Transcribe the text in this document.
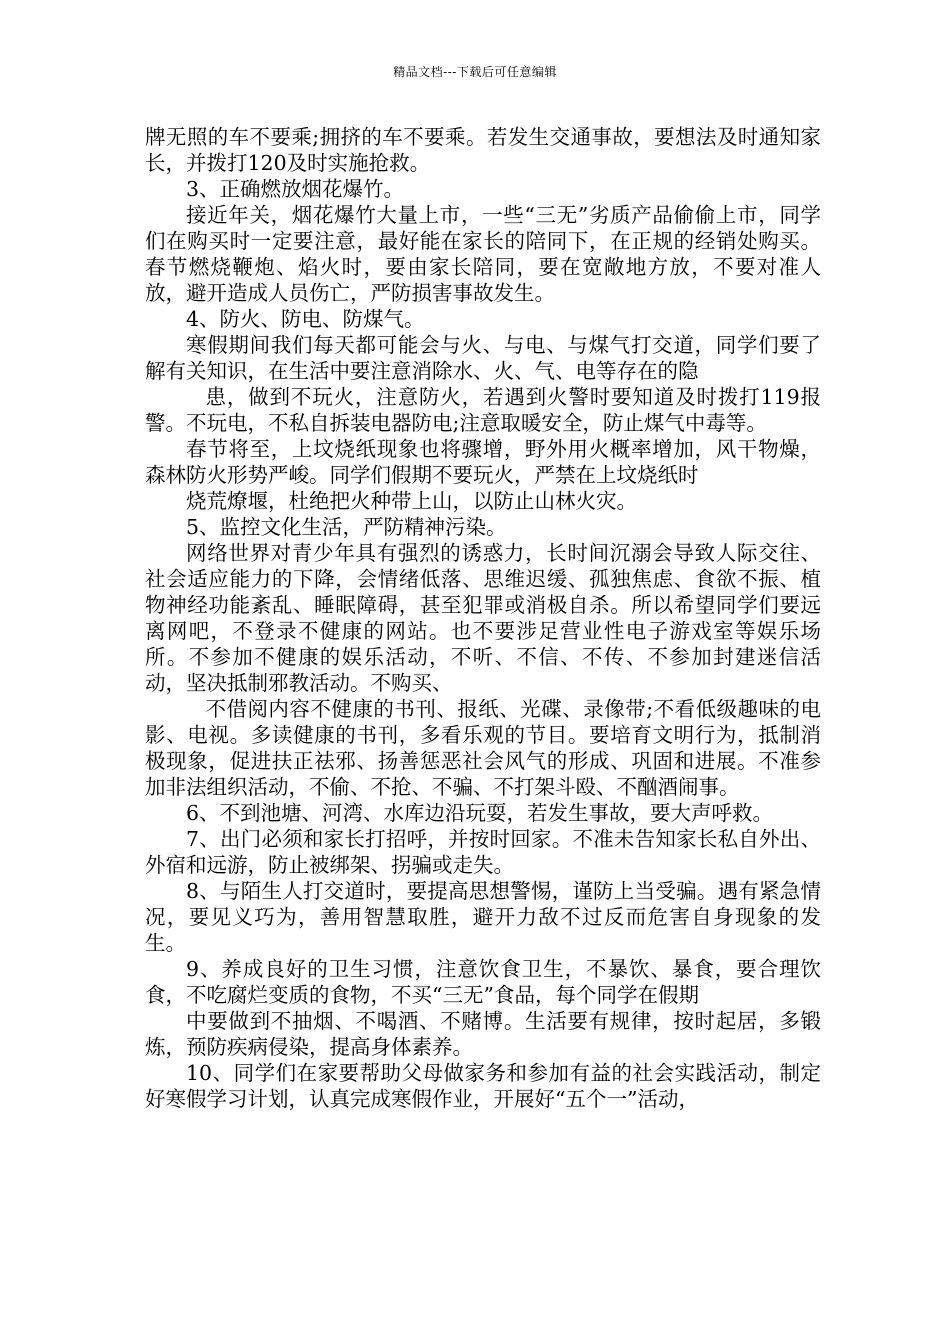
精品文档---下载后可任意编辑

牌无照的车不要乘;拥挤的车不要乘。若发生交通事故，要想法及时通知家长，并拨打120及时实施抢救。

3、正确燃放烟花爆竹。

接近年关，烟花爆竹大量上市，一些“三无”劣质产品偷偷上市，同学们在购买时一定要注意，最好能在家长的陪同下，在正规的经销处购买。春节燃烧鞭炮、焰火时，要由家长陪同，要在宽敞地方放，不要对准人放，避开造成人员伤亡，严防损害事故发生。

4、防火、防电、防煤气。

寒假期间我们每天都可能会与火、与电、与煤气打交道，同学们要了解有关知识，在生活中要注意消除水、火、气、电等存在的隐

患，做到不玩火，注意防火，若遇到火警时要知道及时拨打119报警。不玩电，不私自拆装电器防电;注意取暖安全，防止煤气中毒等。

春节将至，上坟烧纸现象也将骤增，野外用火概率增加，风干物燥，森林防火形势严峻。同学们假期不要玩火，严禁在上坟烧纸时

烧荒燎堰，杜绝把火种带上山，以防止山林火灾。

5、监控文化生活，严防精神污染。

网络世界对青少年具有强烈的诱惑力，长时间沉溺会导致人际交往、社会适应能力的下降，会情绪低落、思维迟缓、孤独焦虑、食欲不振、植物神经功能紊乱、睡眠障碍，甚至犯罪或消极自杀。所以希望同学们要远离网吧，不登录不健康的网站。也不要涉足营业性电子游戏室等娱乐场所。不参加不健康的娱乐活动，不听、不信、不传、不参加封建迷信活动，坚决抵制邪教活动。不购买、

不借阅内容不健康的书刊、报纸、光碟、录像带;不看低级趣味的电影、电视。多读健康的书刊，多看乐观的节目。要培育文明行为，抵制消极现象，促进扶正祛邪、扬善惩恶社会风气的形成、巩固和进展。不准参加非法组织活动，不偷、不抢、不骗、不打架斗殴、不酗酒闹事。

6、不到池塘、河湾、水库边沿玩耍，若发生事故，要大声呼救。

7、出门必须和家长打招呼，并按时回家。不准未告知家长私自外出、外宿和远游，防止被绑架、拐骗或走失。

8、与陌生人打交道时，要提高思想警惕，谨防上当受骗。遇有紧急情况，要见义巧为，善用智慧取胜，避开力敌不过反而危害自身现象的发生。

9、养成良好的卫生习惯，注意饮食卫生，不暴饮、暴食，要合理饮食，不吃腐烂变质的食物，不买“三无”食品，每个同学在假期

中要做到不抽烟、不喝酒、不赌博。生活要有规律，按时起居，多锻炼，预防疾病侵染，提高身体素养。

10、同学们在家要帮助父母做家务和参加有益的社会实践活动，制定好寒假学习计划，认真完成寒假作业，开展好“五个一”活动，
